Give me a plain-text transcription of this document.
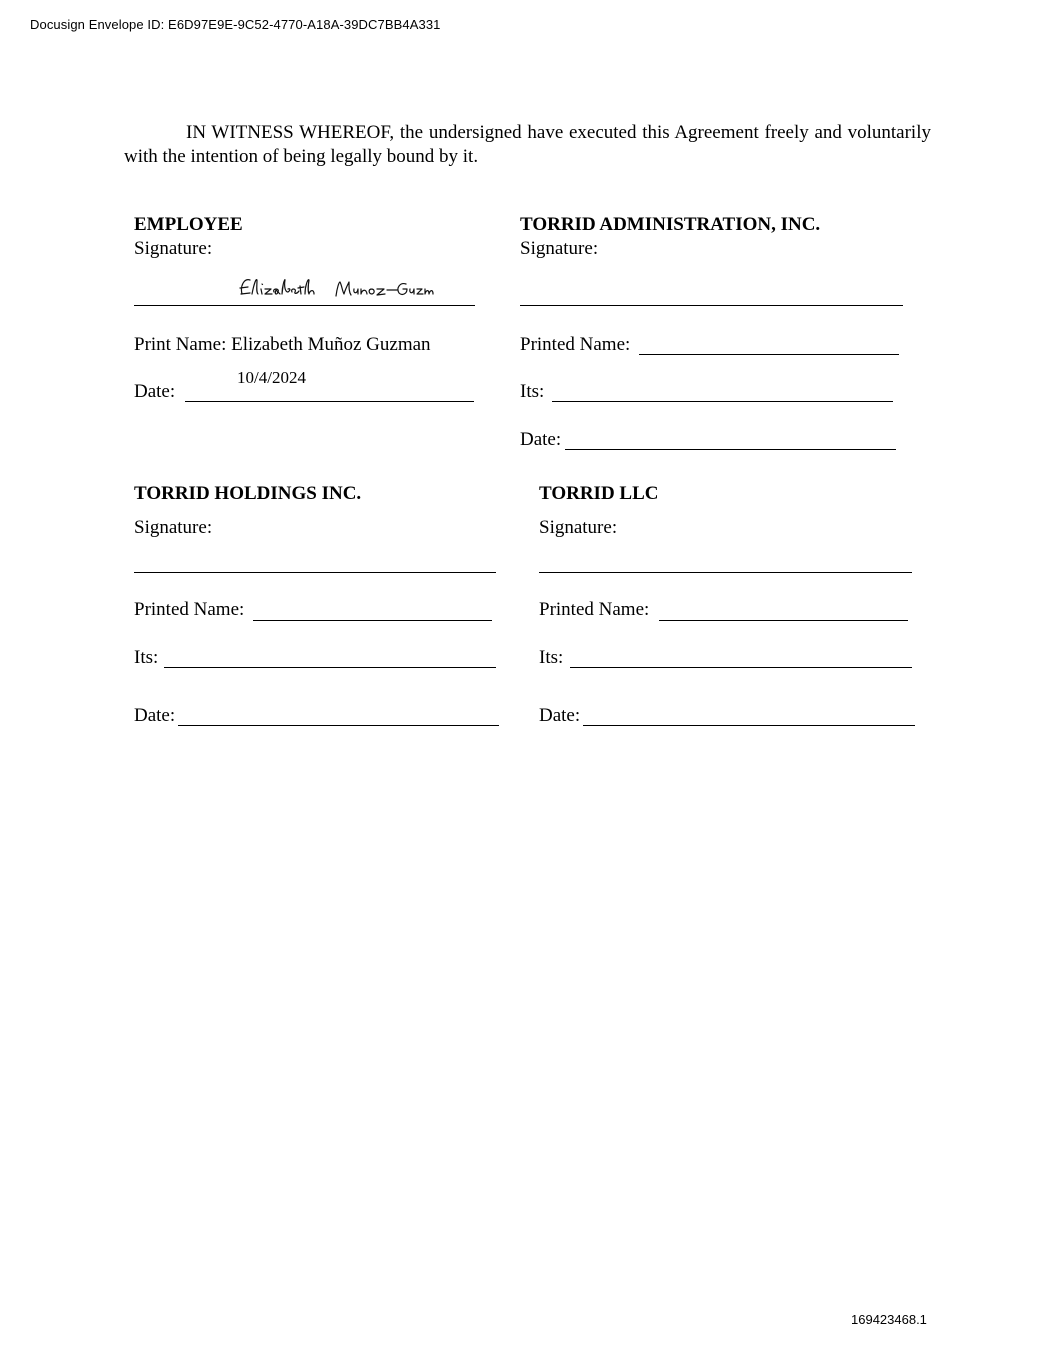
Docusign Envelope ID: E6D97E9E-9C52-4770-A18A-39DC7BB4A331

IN WITNESS WHEREOF, the undersigned have executed this Agreement freely and voluntarily with the intention of being legally bound by it.

EMPLOYEE
Signature:
Print Name: Elizabeth Muñoz Guzman
10/4/2024
Date:
TORRID ADMINISTRATION, INC.
Signature:
Printed Name:
Its:
Date:
TORRID HOLDINGS INC.
Signature:
Printed Name:
Its:
Date:
TORRID LLC
Signature:
Printed Name:
Its:
Date:
169423468.1
